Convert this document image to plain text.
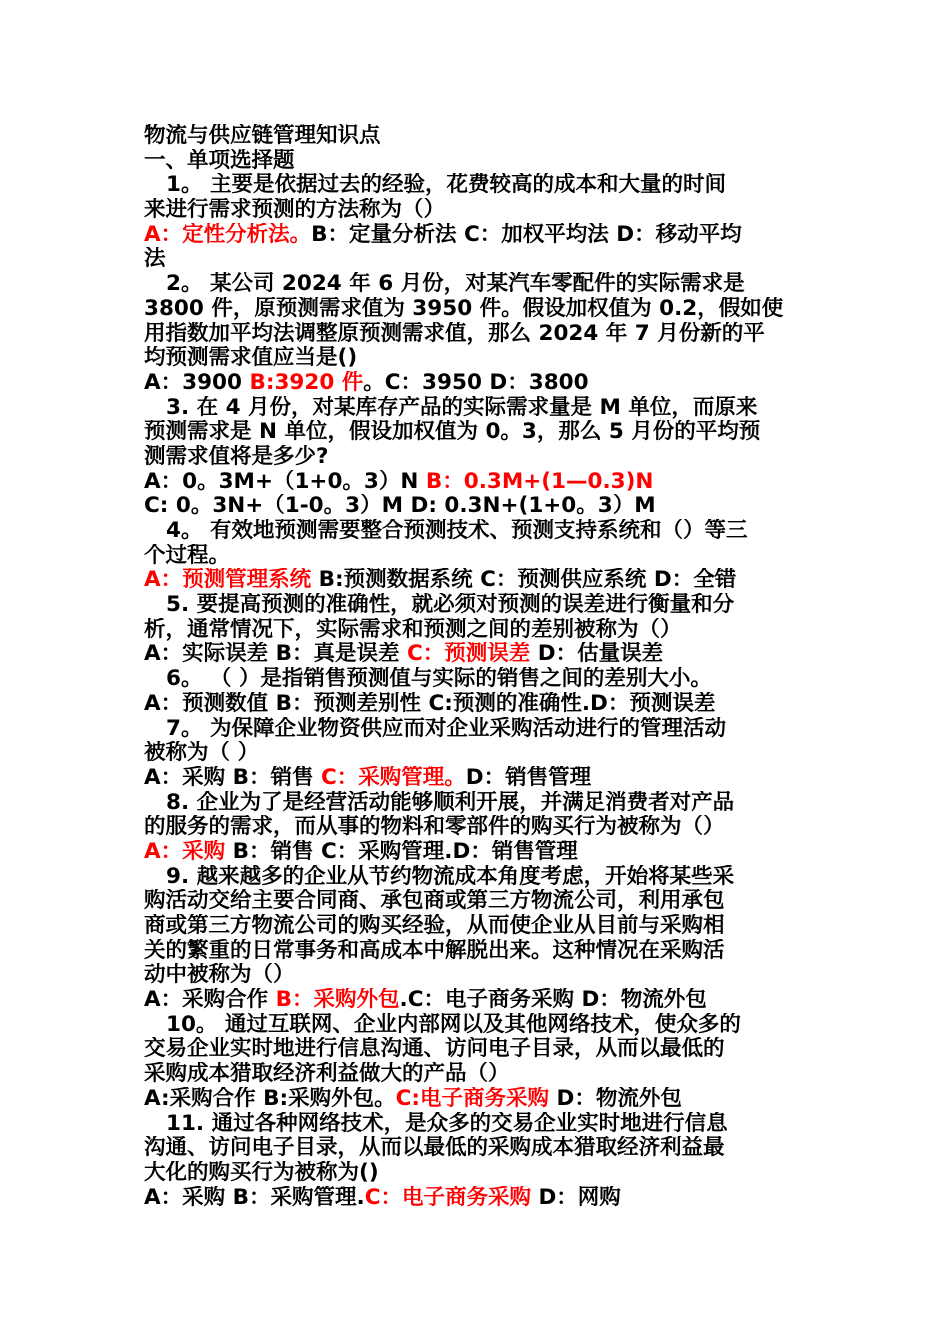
物流与供应链管理知识点
一、单项选择题
1。 主要是依据过去的经验，花费较高的成本和大量的时间
来进行需求预测的方法称为（）
A：定性分析法。B：定量分析法 C：加权平均法 D：移动平均
法
2。 某公司 2024 年 6 月份，对某汽车零配件的实际需求是
3800 件，原预测需求值为 3950 件。假设加权值为 0.2，假如使
用指数加平均法调整原预测需求值，那么 2024 年 7 月份新的平
均预测需求值应当是()
A：3900 B:3920 件。C：3950 D：3800
3. 在 4 月份，对某库存产品的实际需求量是 M 单位，而原来
预测需求是 N 单位，假设加权值为 0。3，那么 5 月份的平均预
测需求值将是多少?
A：0。3M+（1+0。3）N B：0.3M+(1—0.3)N
C: 0。3N+（1-0。3）M D: 0.3N+(1+0。3）M
4。 有效地预测需要整合预测技术、预测支持系统和（）等三
个过程。
A：预测管理系统 B:预测数据系统 C：预测供应系统 D：全错
5. 要提高预测的准确性，就必须对预测的误差进行衡量和分
析，通常情况下，实际需求和预测之间的差别被称为（）
A：实际误差 B：真是误差 C：预测误差 D：估量误差
6。 （ ）是指销售预测值与实际的销售之间的差别大小。
A：预测数值 B：预测差别性 C:预测的准确性.D：预测误差
7。 为保障企业物资供应而对企业采购活动进行的管理活动
被称为（ ）
A：采购 B：销售 C：采购管理。D：销售管理
8. 企业为了是经营活动能够顺利开展，并满足消费者对产品
的服务的需求，而从事的物料和零部件的购买行为被称为（）
A：采购 B：销售 C：采购管理.D：销售管理
9. 越来越多的企业从节约物流成本角度考虑，开始将某些采
购活动交给主要合同商、承包商或第三方物流公司，利用承包
商或第三方物流公司的购买经验，从而使企业从目前与采购相
关的繁重的日常事务和高成本中解脱出来。这种情况在采购活
动中被称为（）
A：采购合作 B：采购外包.C：电子商务采购 D：物流外包
10。 通过互联网、企业内部网以及其他网络技术，使众多的
交易企业实时地进行信息沟通、访问电子目录，从而以最低的
采购成本猎取经济利益做大的产品（）
A:采购合作 B:采购外包。C:电子商务采购 D：物流外包
11. 通过各种网络技术，是众多的交易企业实时地进行信息
沟通、访问电子目录，从而以最低的采购成本猎取经济利益最
大化的购买行为被称为()
A：采购 B：采购管理.C：电子商务采购 D：网购
